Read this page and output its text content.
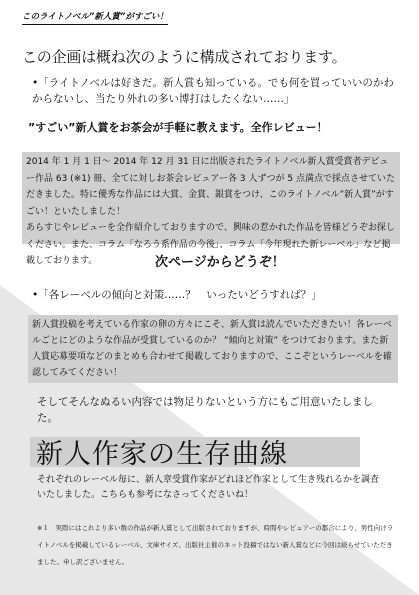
このライトノベル”新人賞”がすごい！
この企画は概ね次のように構成されております。
•「ライトノベルは好きだ。新人賞も知っている。でも何を買っていいのかわからないし、当たり外れの多い博打はしたくない……」
”すごい”新人賞をお茶会が手軽に教えます。全作レビュー！

2014 年 1 月 1 日～ 2014 年 12 月 31 日に出版されたライトノベル新人賞受賞者デビュー作品 63 (※1) 冊、全てに対しお茶会レビュアー各 3 人ずつが 5 点満点で採点させていただきました。特に優秀な作品には大賞、金賞、銀賞をつけ、このライトノベル”新人賞”がすごい！といたしました！

あらすじやレビューを全作紹介しておりますので、興味の惹かれた作品を皆様どうぞお探しください。また、コラム「なろう系作品の今後」、コラム「今年現れた新レーベル」など掲載しております。	次ページからどうぞ！
•「各レーベルの傾向と対策……？　いったいどうすれば？」
新人賞投稿を考えている作家の卵の方々にこそ、新人賞は読んでいただきたい！各レーベルごとにどのような作品が受賞しているのか？ ”傾向と対策” をつけております。また新人賞応募要項などのまとめも合わせて掲載しておりますので、ここぞというレーベルを確認してみてください！
そしてそんなぬるい内容では物足りないという方にもご用意いたしました。
新人作家の生存曲線
それぞれのレーベル毎に、新人章受賞作家がどれほど作家として生き残れるかを調査いたしました。こちらも参考になさってくださいね！
※１　実際にはこれより多い数の作品が新人賞として出版されておりますが、時間やレビュアーの都合により、男性向けライトノベルを掲載しているレーベル、文庫サイズ、出版社主催のネット投稿ではない新人賞などに今回は絞らせていただきました。申し訳ございません。
